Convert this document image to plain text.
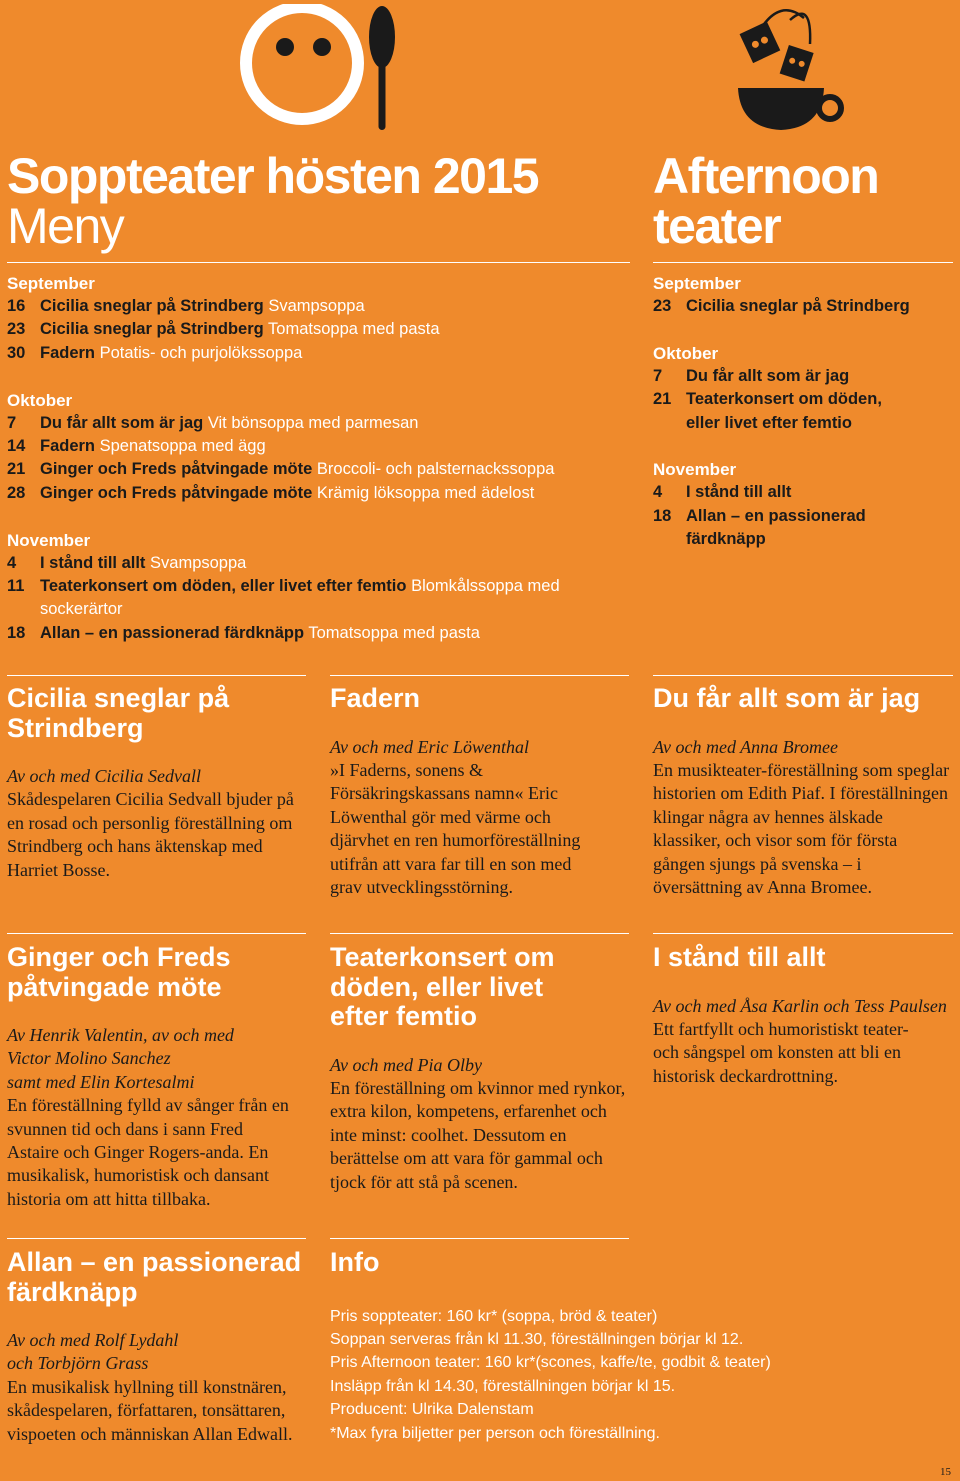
Soppteater hösten 2015
Meny
September
16 Cicilia sneglar på Strindberg Svampsoppa
23 Cicilia sneglar på Strindberg Tomatsoppa med pasta
30 Fadern Potatis- och purjolökssoppa
Oktober
7 Du får allt som är jag Vit bönsoppa med parmesan
14 Fadern Spenatsoppa med ägg
21 Ginger och Freds påtvingade möte Broccoli- och palsternackssoppa
28 Ginger och Freds påtvingade möte Krämig löksoppa med ädelost
November
4 I stånd till allt Svampsoppa
11 Teaterkonsert om döden, eller livet efter femtio Blomkålssoppa med sockerärtor
18 Allan – en passionerad färdknäpp Tomatsoppa med pasta
Afternoon
teater
September
23 Cicilia sneglar på Strindberg
Oktober
7 Du får allt som är jag
21 Teaterkonsert om döden, eller livet efter femtio
November
4 I stånd till allt
18 Allan – en passionerad färdknäpp
Cicilia sneglar på Strindberg
Av och med Cicilia Sedvall
Skådespelaren Cicilia Sedvall bjuder på en rosad och personlig föreställning om Strindberg och hans äktenskap med Harriet Bosse.
Fadern
Av och med Eric Löwenthal
»I Faderns, sonens & Försäkringskassans namn« Eric Löwenthal gör med värme och djärvhet en ren humorföreställning utifrån att vara far till en son med grav utvecklingsstörning.
Du får allt som är jag
Av och med Anna Bromee
En musikteater-föreställning som speglar historien om Edith Piaf. I föreställningen klingar några av hennes älskade klassiker, och visor som för första gången sjungs på svenska – i översättning av Anna Bromee.
Ginger och Freds påtvingade möte
Av Henrik Valentin, av och med
Victor Molino Sanchez
samt med Elin Kortesalmi
En föreställning fylld av sånger från en svunnen tid och dans i sann Fred Astaire och Ginger Rogers-anda. En musikalisk, humoristisk och dansant historia om att hitta tillbaka.
Teaterkonsert om döden, eller livet efter femtio
Av och med Pia Olby
En föreställning om kvinnor med rynkor, extra kilon, kompetens, erfarenhet och inte minst: coolhet. Dessutom en berättelse om att vara för gammal och tjock för att stå på scenen.
I stånd till allt
Av och med Åsa Karlin och Tess Paulsen
Ett fartfyllt och humoristiskt teater- och sångspel om konsten att bli en historisk deckardrottning.
Allan – en passionerad färdknäpp
Av och med Rolf Lydahl
och Torbjörn Grass
En musikalisk hyllning till konstnären, skådespelaren, författaren, tonsättaren, vispoeten och människan Allan Edwall.
Info
Pris soppteater: 160 kr* (soppa, bröd & teater)
Soppan serveras från kl 11.30, föreställningen börjar kl 12.
Pris Afternoon teater: 160 kr*(scones, kaffe/te, godbit & teater)
Insläpp från kl 14.30, föreställningen börjar kl 15.
Producent: Ulrika Dalenstam
*Max fyra biljetter per person och föreställning.
15
